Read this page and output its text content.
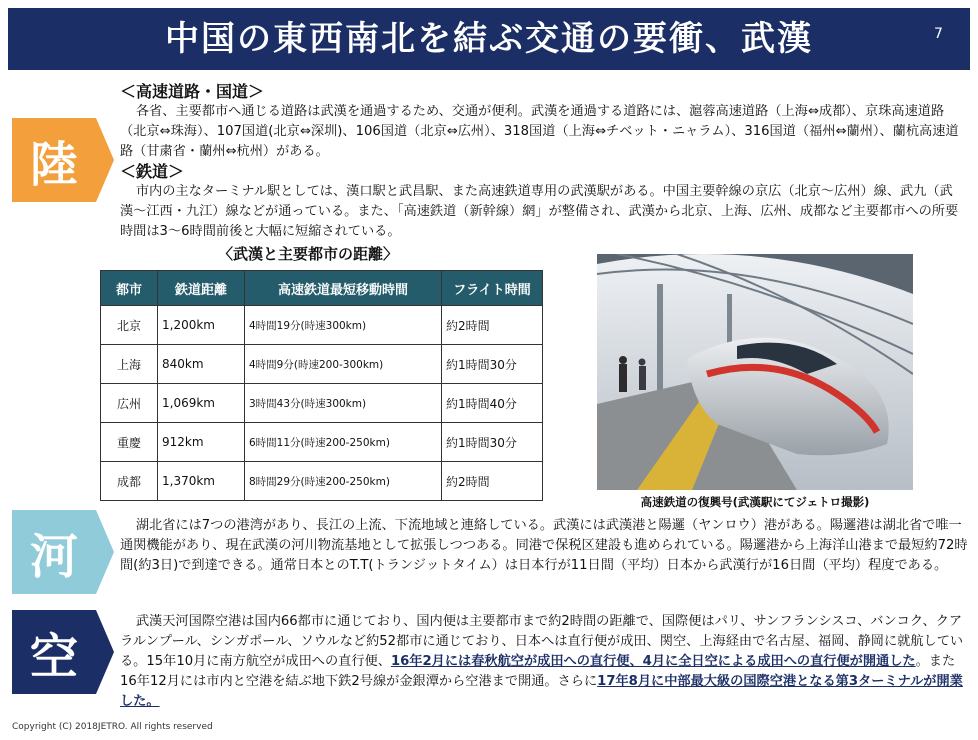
中国の東西南北を結ぶ交通の要衝、武漢	7
陸
＜高速道路・国道＞
各省、主要都市へ通じる道路は武漢を通過するため、交通が便利。武漢を通過する道路には、滬蓉高速道路（上海⇔成都）、京珠高速道路（北京⇔珠海）、107国道(北京⇔深圳)、106国道（北京⇔広州）、318国道（上海⇔チベット・ニャラム）、316国道（福州⇔蘭州）、蘭杭高速道路（甘粛省・蘭州⇔杭州）がある。
＜鉄道＞
市内の主なターミナル駅としては、漢口駅と武昌駅、また高速鉄道専用の武漢駅がある。中国主要幹線の京広（北京〜広州）線、武九（武漢〜江西・九江）線などが通っている。また、「高速鉄道（新幹線）網」が整備され、武漢から北京、上海、広州、成都など主要都市への所要時間は3〜6時間前後と大幅に短縮されている。
〈武漢と主要都市の距離〉
都市	鉄道距離	高速鉄道最短移動時間	フライト時間
北京	1,200km	4時間19分(時速300km)	約2時間
上海	840km	4時間9分(時速200-300km)	約1時間30分
広州	1,069km	3時間43分(時速300km)	約1時間40分
重慶	912km	6時間11分(時速200-250km)	約1時間30分
成都	1,370km	8時間29分(時速200-250km)	約2時間
高速鉄道の復興号(武漢駅にてジェトロ撮影)
河
湖北省には7つの港湾があり、長江の上流、下流地域と連絡している。武漢には武漢港と陽邏（ヤンロウ）港がある。陽邏港は湖北省で唯一通関機能があり、現在武漢の河川物流基地として拡張しつつある。同港で保税区建設も進められている。陽邏港から上海洋山港まで最短約72時間(約3日)で到達できる。通常日本とのT.T(トランジットタイム）は日本行が11日間（平均）日本から武漢行が16日間（平均）程度である。
空
武漢天河国際空港は国内66都市に通じており、国内便は主要都市まで約2時間の距離で、国際便はパリ、サンフランシスコ、バンコク、クアラルンプール、シンガポール、ソウルなど約52都市に通じており、日本へは直行便が成田、関空、上海経由で名古屋、福岡、静岡に就航している。15年10月に南方航空が成田への直行便、16年2月には春秋航空が成田への直行便、4月に全日空による成田への直行便が開通した。また16年12月には市内と空港を結ぶ地下鉄2号線が金銀潭から空港まで開通。さらに17年8月に中部最大級の国際空港となる第3ターミナルが開業した。
Copyright (C) 2018JETRO. All rights reserved
